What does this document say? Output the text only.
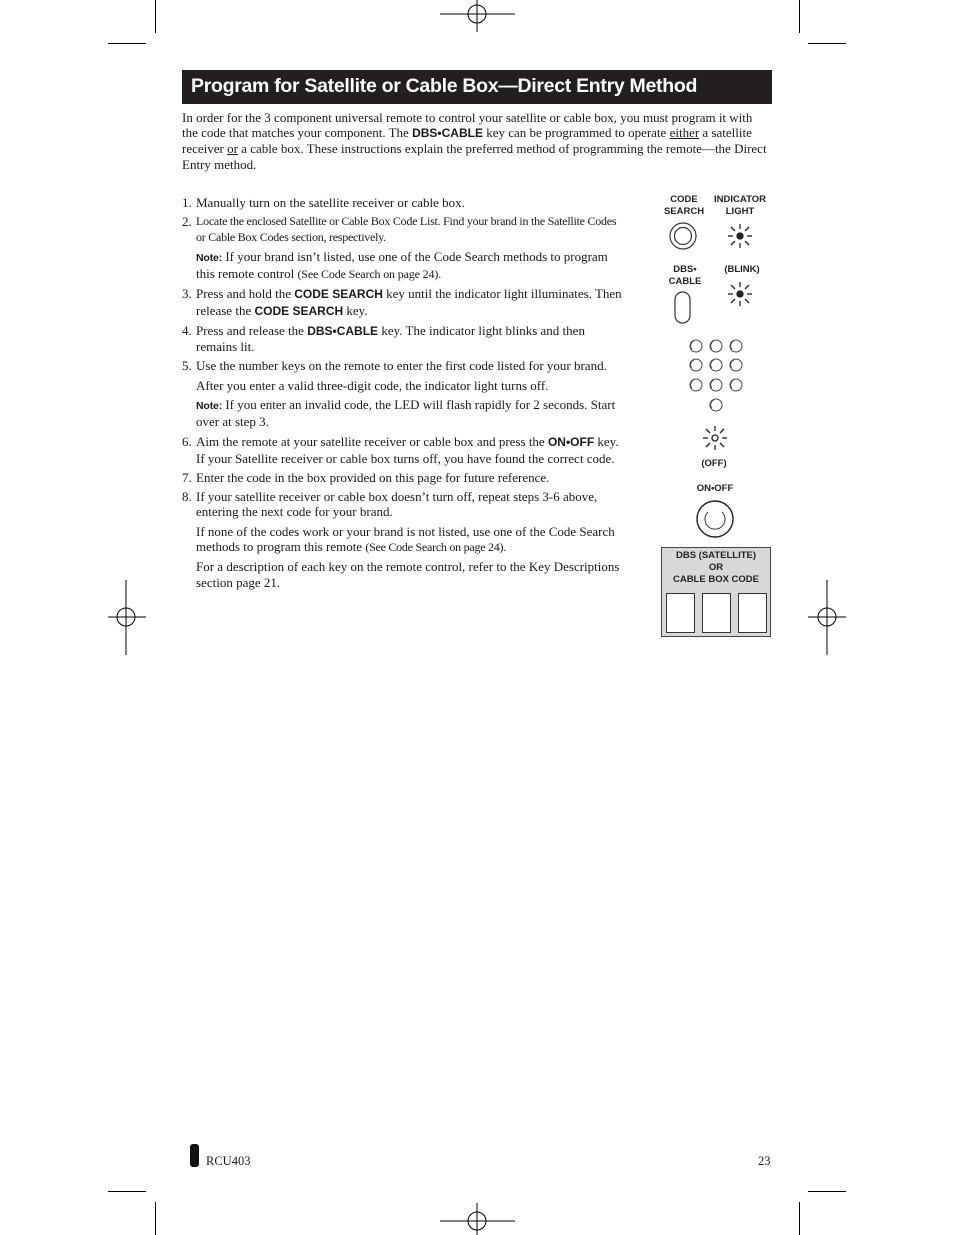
Program for Satellite or Cable Box—Direct Entry Method

In order for the 3 component universal remote to control your satellite or cable box, you must program it with the code that matches your component. The DBS•CABLE key can be programmed to operate either a satellite receiver or a cable box. These instructions explain the preferred method of programming the remote—the Direct Entry method.

1. Manually turn on the satellite receiver or cable box.
2. Locate the enclosed Satellite or Cable Box Code List. Find your brand in the Satellite Codes or Cable Box Codes section, respectively.
Note: If your brand isn’t listed, use one of the Code Search methods to program this remote control (See Code Search on page 24).
3. Press and hold the CODE SEARCH key until the indicator light illuminates. Then release the CODE SEARCH key.
4. Press and release the DBS•CABLE key. The indicator light blinks and then remains lit.
5. Use the number keys on the remote to enter the first code listed for your brand.
After you enter a valid three-digit code, the indicator light turns off.
Note: If you enter an invalid code, the LED will flash rapidly for 2 seconds. Start over at step 3.
6. Aim the remote at your satellite receiver or cable box and press the ON•OFF key. If your Satellite receiver or cable box turns off, you have found the correct code.
7. Enter the code in the box provided on this page for future reference.
8. If your satellite receiver or cable box doesn’t turn off, repeat steps 3-6 above, entering the next code for your brand.
If none of the codes work or your brand is not listed, use one of the Code Search methods to program this remote (See Code Search on page 24).
For a description of each key on the remote control, refer to the Key Descriptions section page 21.
CODE
SEARCH
INDICATOR
LIGHT
DBS•
CABLE
(BLINK)
(OFF)
ON•OFF
DBS (SATELLITE)
OR
CABLE BOX CODE
RCU403	23
